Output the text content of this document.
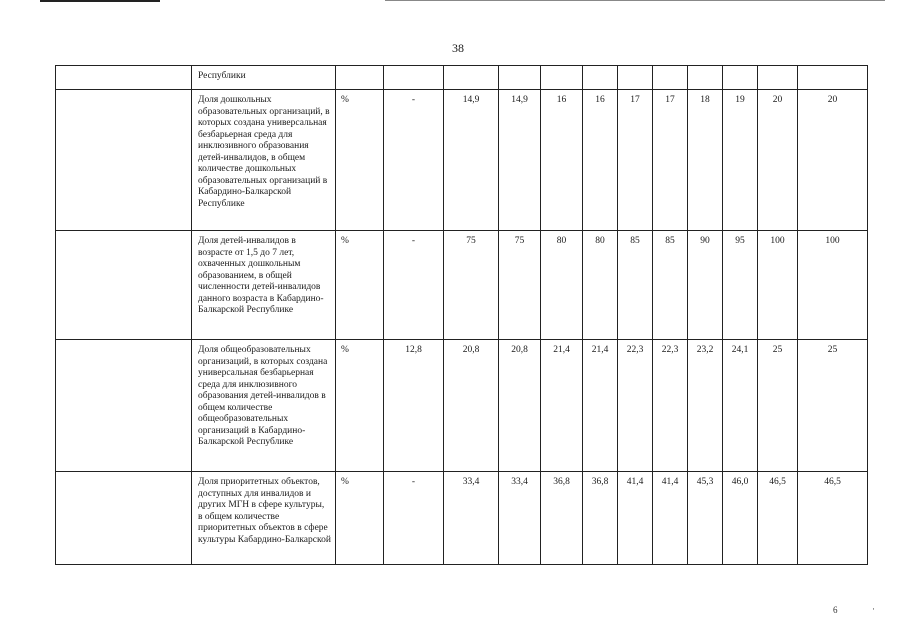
38
	Республики												
	Доля дошкольных образовательных организаций, в которых создана универсальная безбарьерная среда для инклюзивного образования детей-инвалидов, в общем количестве дошкольных образовательных организаций в Кабардино-Балкарской Республике	%	-	14,9	14,9	16	16	17	17	18	19	20	20
	Доля детей-инвалидов в возрасте от 1,5 до 7 лет, охваченных дошкольным образованием, в общей численности детей-инвалидов данного возраста в Кабардино-Балкарской Республике	%	-	75	75	80	80	85	85	90	95	100	100
	Доля общеобразовательных организаций, в которых создана универсальная безбарьерная среда для инклюзивного образования детей-инвалидов в общем количестве общеобразовательных организаций в Кабардино-Балкарской Республике	%	12,8	20,8	20,8	21,4	21,4	22,3	22,3	23,2	24,1	25	25
	Доля приоритетных объектов, доступных для инвалидов и других МГН в сфере культуры, в общем количестве приоритетных объектов в сфере культуры Кабардино-Балкарской	%	-	33,4	33,4	36,8	36,8	41,4	41,4	45,3	46,0	46,5	46,5
6	·
